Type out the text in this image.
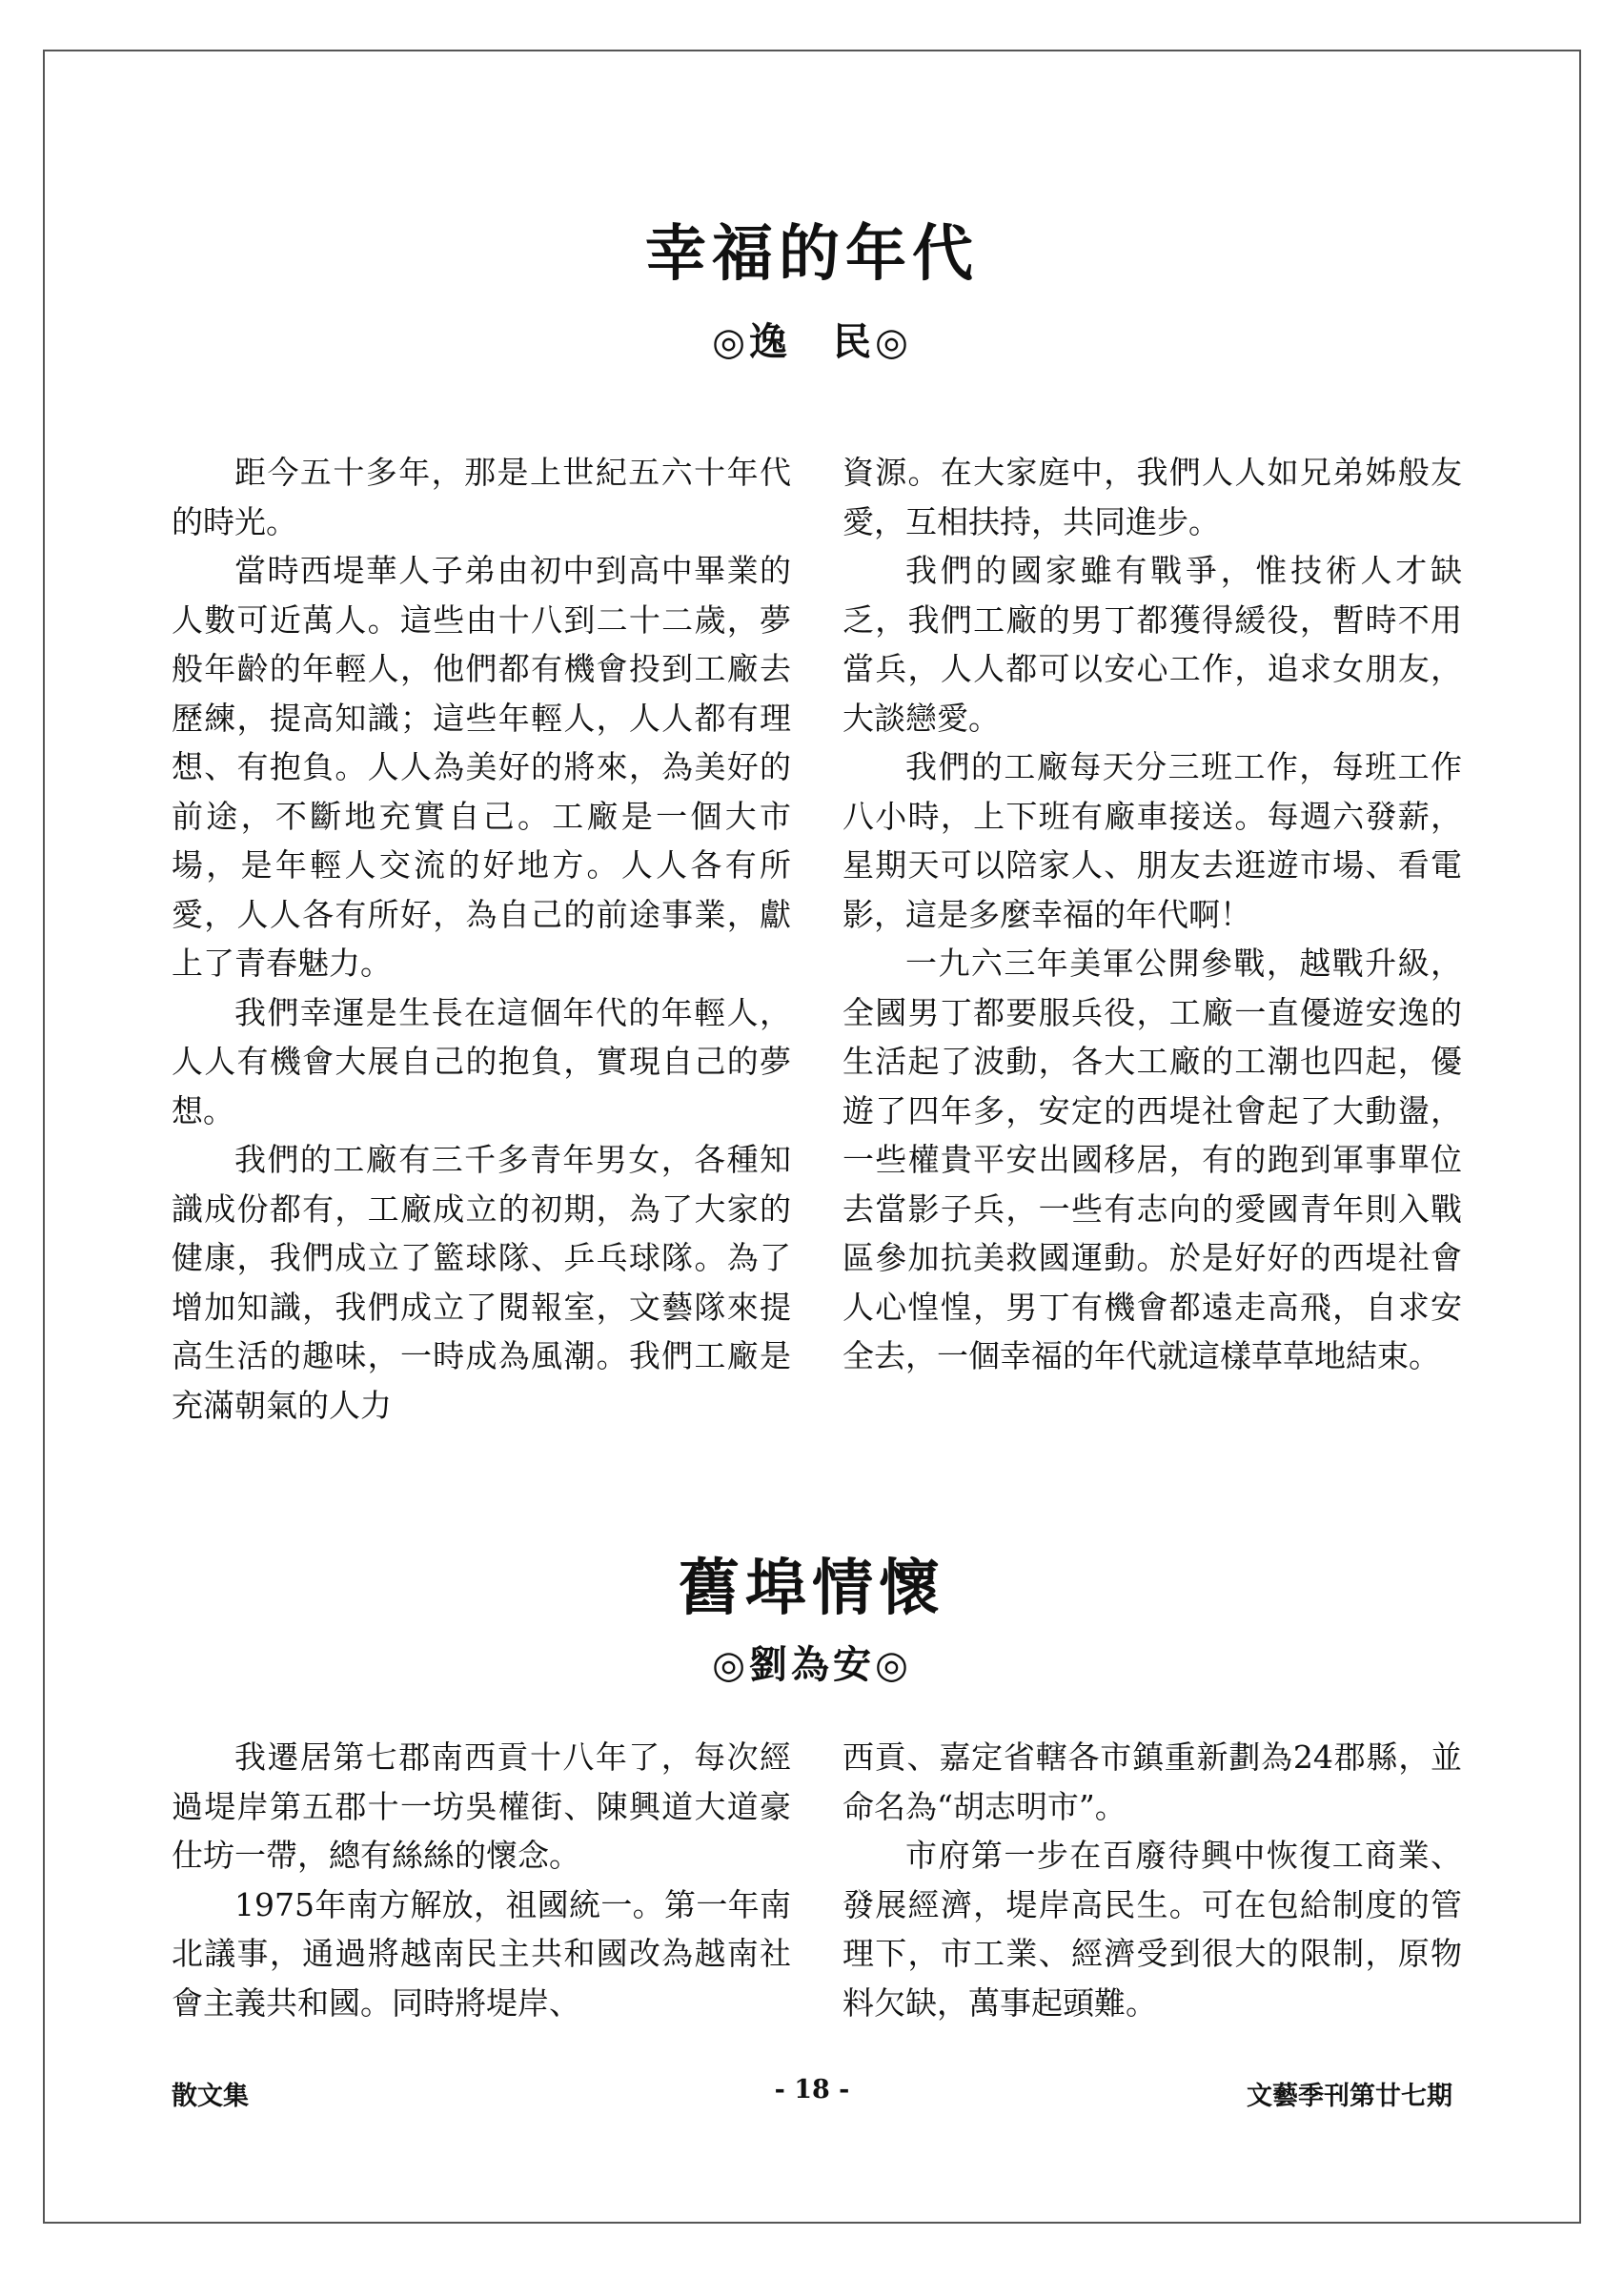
幸福的年代
◎逸　民◎

距今五十多年，那是上世紀五六十年代的時光。

當時西堤華人子弟由初中到高中畢業的人數可近萬人。這些由十八到二十二歲，夢般年齡的年輕人，他們都有機會投到工廠去歷練，提高知識；這些年輕人，人人都有理想、有抱負。人人為美好的將來，為美好的前途，不斷地充實自己。工廠是一個大市場，是年輕人交流的好地方。人人各有所愛，人人各有所好，為自己的前途事業，獻上了青春魅力。

我們幸運是生長在這個年代的年輕人，人人有機會大展自己的抱負，實現自己的夢想。

我們的工廠有三千多青年男女，各種知識成份都有，工廠成立的初期，為了大家的健康，我們成立了籃球隊、乒乓球隊。為了增加知識，我們成立了閱報室，文藝隊來提高生活的趣味，一時成為風潮。我們工廠是充滿朝氣的人力

資源。在大家庭中，我們人人如兄弟姊般友愛，互相扶持，共同進步。

我們的國家雖有戰爭，惟技術人才缺乏，我們工廠的男丁都獲得緩役，暫時不用當兵，人人都可以安心工作，追求女朋友，大談戀愛。

我們的工廠每天分三班工作，每班工作八小時，上下班有廠車接送。每週六發薪，星期天可以陪家人、朋友去逛遊市場、看電影，這是多麼幸福的年代啊！

一九六三年美軍公開參戰，越戰升級，全國男丁都要服兵役，工廠一直優遊安逸的生活起了波動，各大工廠的工潮也四起，優遊了四年多，安定的西堤社會起了大動盪，一些權貴平安出國移居，有的跑到軍事單位去當影子兵，一些有志向的愛國青年則入戰區參加抗美救國運動。於是好好的西堤社會人心惶惶，男丁有機會都遠走高飛，自求安全去，一個幸福的年代就這樣草草地結束。

舊埠情懷
◎劉為安◎

我遷居第七郡南西貢十八年了，每次經過堤岸第五郡十一坊吳權街、陳興道大道豪仕坊一帶，總有絲絲的懷念。

1975年南方解放，祖國統一。第一年南北議事，通過將越南民主共和國改為越南社會主義共和國。同時將堤岸、

西貢、嘉定省轄各市鎮重新劃為24郡縣，並命名為“胡志明市”。

市府第一步在百廢待興中恢復工商業、發展經濟，堤岸高民生。可在包給制度的管理下，市工業、經濟受到很大的限制，原物料欠缺，萬事起頭難。

散文集	- 18 -	文藝季刊第廿七期
